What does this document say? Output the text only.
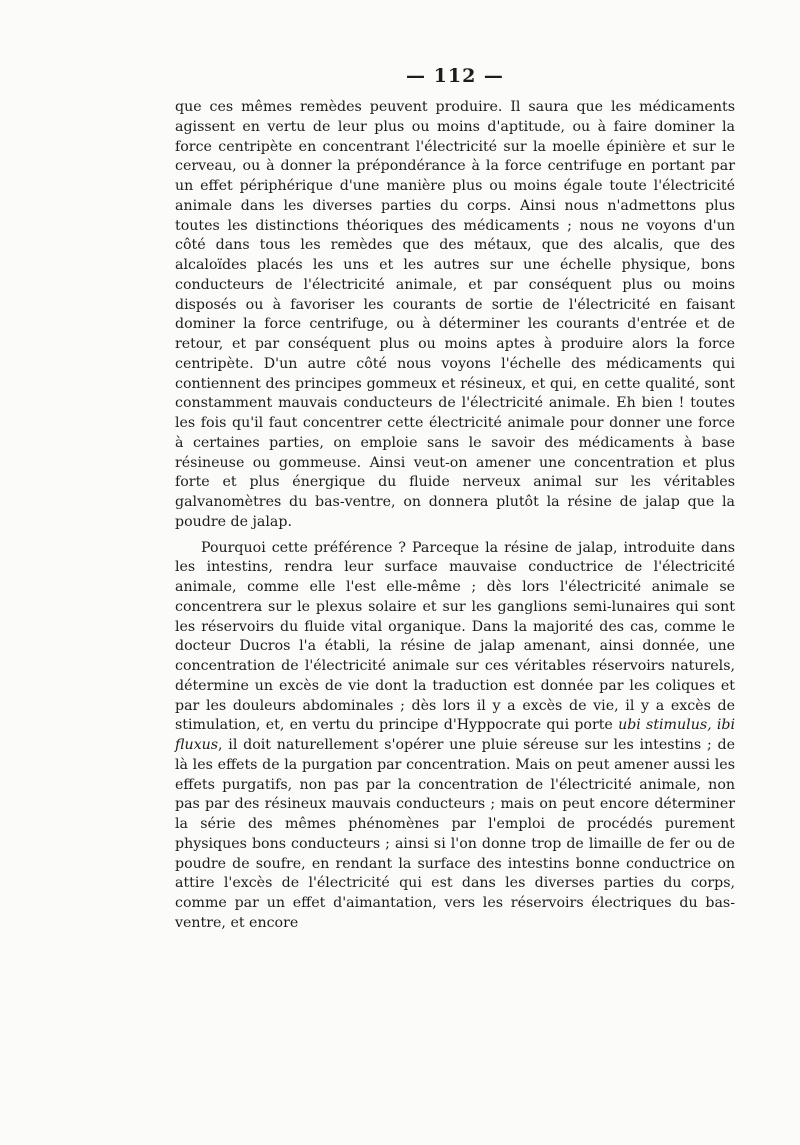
— 112 —

que ces mêmes remèdes peuvent produire. Il saura que les médicaments agissent en vertu de leur plus ou moins d'aptitude, ou à faire dominer la force centripète en concentrant l'électricité sur la moelle épinière et sur le cerveau, ou à donner la prépondérance à la force centrifuge en portant par un effet périphérique d'une manière plus ou moins égale toute l'électricité animale dans les diverses parties du corps. Ainsi nous n'admettons plus toutes les distinctions théoriques des médicaments ; nous ne voyons d'un côté dans tous les remèdes que des métaux, que des alcalis, que des alcaloïdes placés les uns et les autres sur une échelle physique, bons conducteurs de l'électricité animale, et par conséquent plus ou moins disposés ou à favoriser les courants de sortie de l'électricité en faisant dominer la force centrifuge, ou à déterminer les courants d'entrée et de retour, et par conséquent plus ou moins aptes à produire alors la force centripète. D'un autre côté nous voyons l'échelle des médicaments qui contiennent des principes gommeux et résineux, et qui, en cette qualité, sont constamment mauvais conducteurs de l'électricité animale. Eh bien ! toutes les fois qu'il faut concentrer cette électricité animale pour donner une force à certaines parties, on emploie sans le savoir des médicaments à base résineuse ou gommeuse. Ainsi veut-on amener une concentration et plus forte et plus énergique du fluide nerveux animal sur les véritables galvanomètres du bas-ventre, on donnera plutôt la résine de jalap que la poudre de jalap.

Pourquoi cette préférence ? Parceque la résine de jalap, introduite dans les intestins, rendra leur surface mauvaise conductrice de l'électricité animale, comme elle l'est elle-même ; dès lors l'électricité animale se concentrera sur le plexus solaire et sur les ganglions semi-lunaires qui sont les réservoirs du fluide vital organique. Dans la majorité des cas, comme le docteur Ducros l'a établi, la résine de jalap amenant, ainsi donnée, une concentration de l'électricité animale sur ces véritables réservoirs naturels, détermine un excès de vie dont la traduction est donnée par les coliques et par les douleurs abdominales ; dès lors il y a excès de vie, il y a excès de stimulation, et, en vertu du principe d'Hyppocrate qui porte ubi stimulus, ibi fluxus, il doit naturellement s'opérer une pluie séreuse sur les intestins ; de là les effets de la purgation par concentration. Mais on peut amener aussi les effets purgatifs, non pas par la concentration de l'électricité animale, non pas par des résineux mauvais conducteurs ; mais on peut encore déterminer la série des mêmes phénomènes par l'emploi de procédés purement physiques bons conducteurs ; ainsi si l'on donne trop de limaille de fer ou de poudre de soufre, en rendant la surface des intestins bonne conductrice on attire l'excès de l'électricité qui est dans les diverses parties du corps, comme par un effet d'aimantation, vers les réservoirs électriques du bas-ventre, et encore
